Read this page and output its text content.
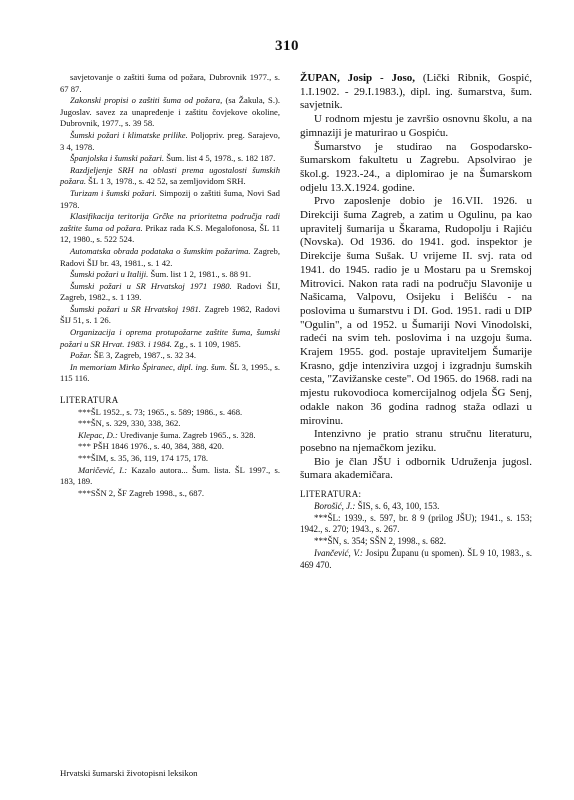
310

savjetovanje o zaštiti šuma od požara, Dubrovnik 1977., s. 67 87.

Zakonski propisi o zaštiti šuma od požara, (sa Žakula, S.). Jugoslav. savez za unapređenje i zaštitu čovjekove okoline, Dubrovnik, 1977., s. 39 58.

Šumski požari i klimatske prilike. Poljopriv. preg. Sarajevo, 3 4, 1978.

Španjolska i šumski požari. Šum. list 4 5, 1978., s. 182 187.

Razdjeljenje SRH na oblasti prema ugostalosti šumskih požara. ŠL 1 3, 1978., s. 42 52, sa zemljovidom SRH.

Turizam i šumski požari. Simpozij o zaštiti šuma, Novi Sad 1978.

Klasifikacija teritorija Grčke na prioritetna područja radi zaštite šuma od požara. Prikaz rada K.S. Megalofonosa, ŠL 11 12, 1980., s. 522 524.

Automatska obrada podataka o šumskim požarima. Zagreb, Radovi ŠIJ br. 43, 1981., s. 1 42.

Šumski požari u Italiji. Šum. list 1 2, 1981., s. 88 91.

Šumski požari u SR Hrvatskoj 1971 1980. Radovi ŠIJ, Zagreb, 1982., s. 1 139.

Šumski požari u SR Hrvatskoj 1981. Zagreb 1982, Radovi ŠIJ 51, s. 1 26.

Organizacija i oprema protupožarne zaštite šuma, šumski požari u SR Hrvat. 1983. i 1984. Zg., s. 1 109, 1985.

Požar. ŠE 3, Zagreb, 1987., s. 32 34.

In memoriam Mirko Špiranec, dipl. ing. šum. ŠL 3, 1995., s. 115 116.

LITERATURA

***ŠL 1952., s. 73; 1965., s. 589; 1986., s. 468.

***ŠN, s. 329, 330, 338, 362.

Klepac, D.: Uređivanje šuma. Zagreb 1965., s. 328.

*** PŠH 1846 1976., s. 40, 384, 388, 420.

***ŠIM, s. 35, 36, 119, 174 175, 178.

Maričević, I.: Kazalo autora... Šum. lista. ŠL 1997., s. 183, 189.

***SŠN 2, ŠF Zagreb 1998., s., 687.

ŽUPAN, Josip - Joso, (Lički Ribnik, Gospić, 1.I.1902. - 29.I.1983.), dipl. ing. šumarstva, šum. savjetnik.

U rodnom mjestu je završio osnovnu školu, a na gimnaziji je maturirao u Gospiću.

Šumarstvo je studirao na Gospodarsko-šumarskom fakultetu u Zagrebu. Apsolvirao je škol.g. 1923.-24., a diplomirao je na Šumarskom odjelu 13.X.1924. godine.

Prvo zaposlenje dobio je 16.VII. 1926. u Direkciji šuma Zagreb, a zatim u Ogulinu, pa kao upravitelj šumarija u Škarama, Rudopolju i Rajiću (Novska). Od 1936. do 1941. god. inspektor je Direkcije šuma Sušak. U vrijeme II. svj. rata od 1941. do 1945. radio je u Mostaru pa u Sremskoj Mitrovici. Nakon rata radi na području Slavonije u Našicama, Valpovu, Osijeku i Belišću - na poslovima u šumarstvu i DI. God. 1951. radi u DIP "Ogulin", a od 1952. u Šumariji Novi Vinodolski, radeći na svim teh. poslovima i na uzgoju šuma. Krajem 1955. god. postaje upraviteljem Šumarije Krasno, gdje intenzivira uzgoj i izgradnju šumskih cesta, "Zavižanske ceste". Od 1965. do 1968. radi na mjestu rukovodioca komercijalnog odjela ŠG Senj, odakle nakon 36 godina radnog staža odlazi u mirovinu.

Intenzivno je pratio stranu stručnu literaturu, posebno na njemačkom jeziku.

Bio je član JŠU i odbornik Udruženja jugosl. šumara akademičara.

LITERATURA:

Borošić, J.: ŠIS, s. 6, 43, 100, 153.

***ŠL: 1939., s. 597, br. 8 9 (prilog JŠU); 1941., s. 153; 1942., s. 270; 1943., s. 267.

***ŠN, s. 354; SŠN 2, 1998., s. 682.

Ivančević, V.: Josipu Županu (u spomen). ŠL 9 10, 1983., s. 469 470.

Hrvatski šumarski životopisni leksikon
